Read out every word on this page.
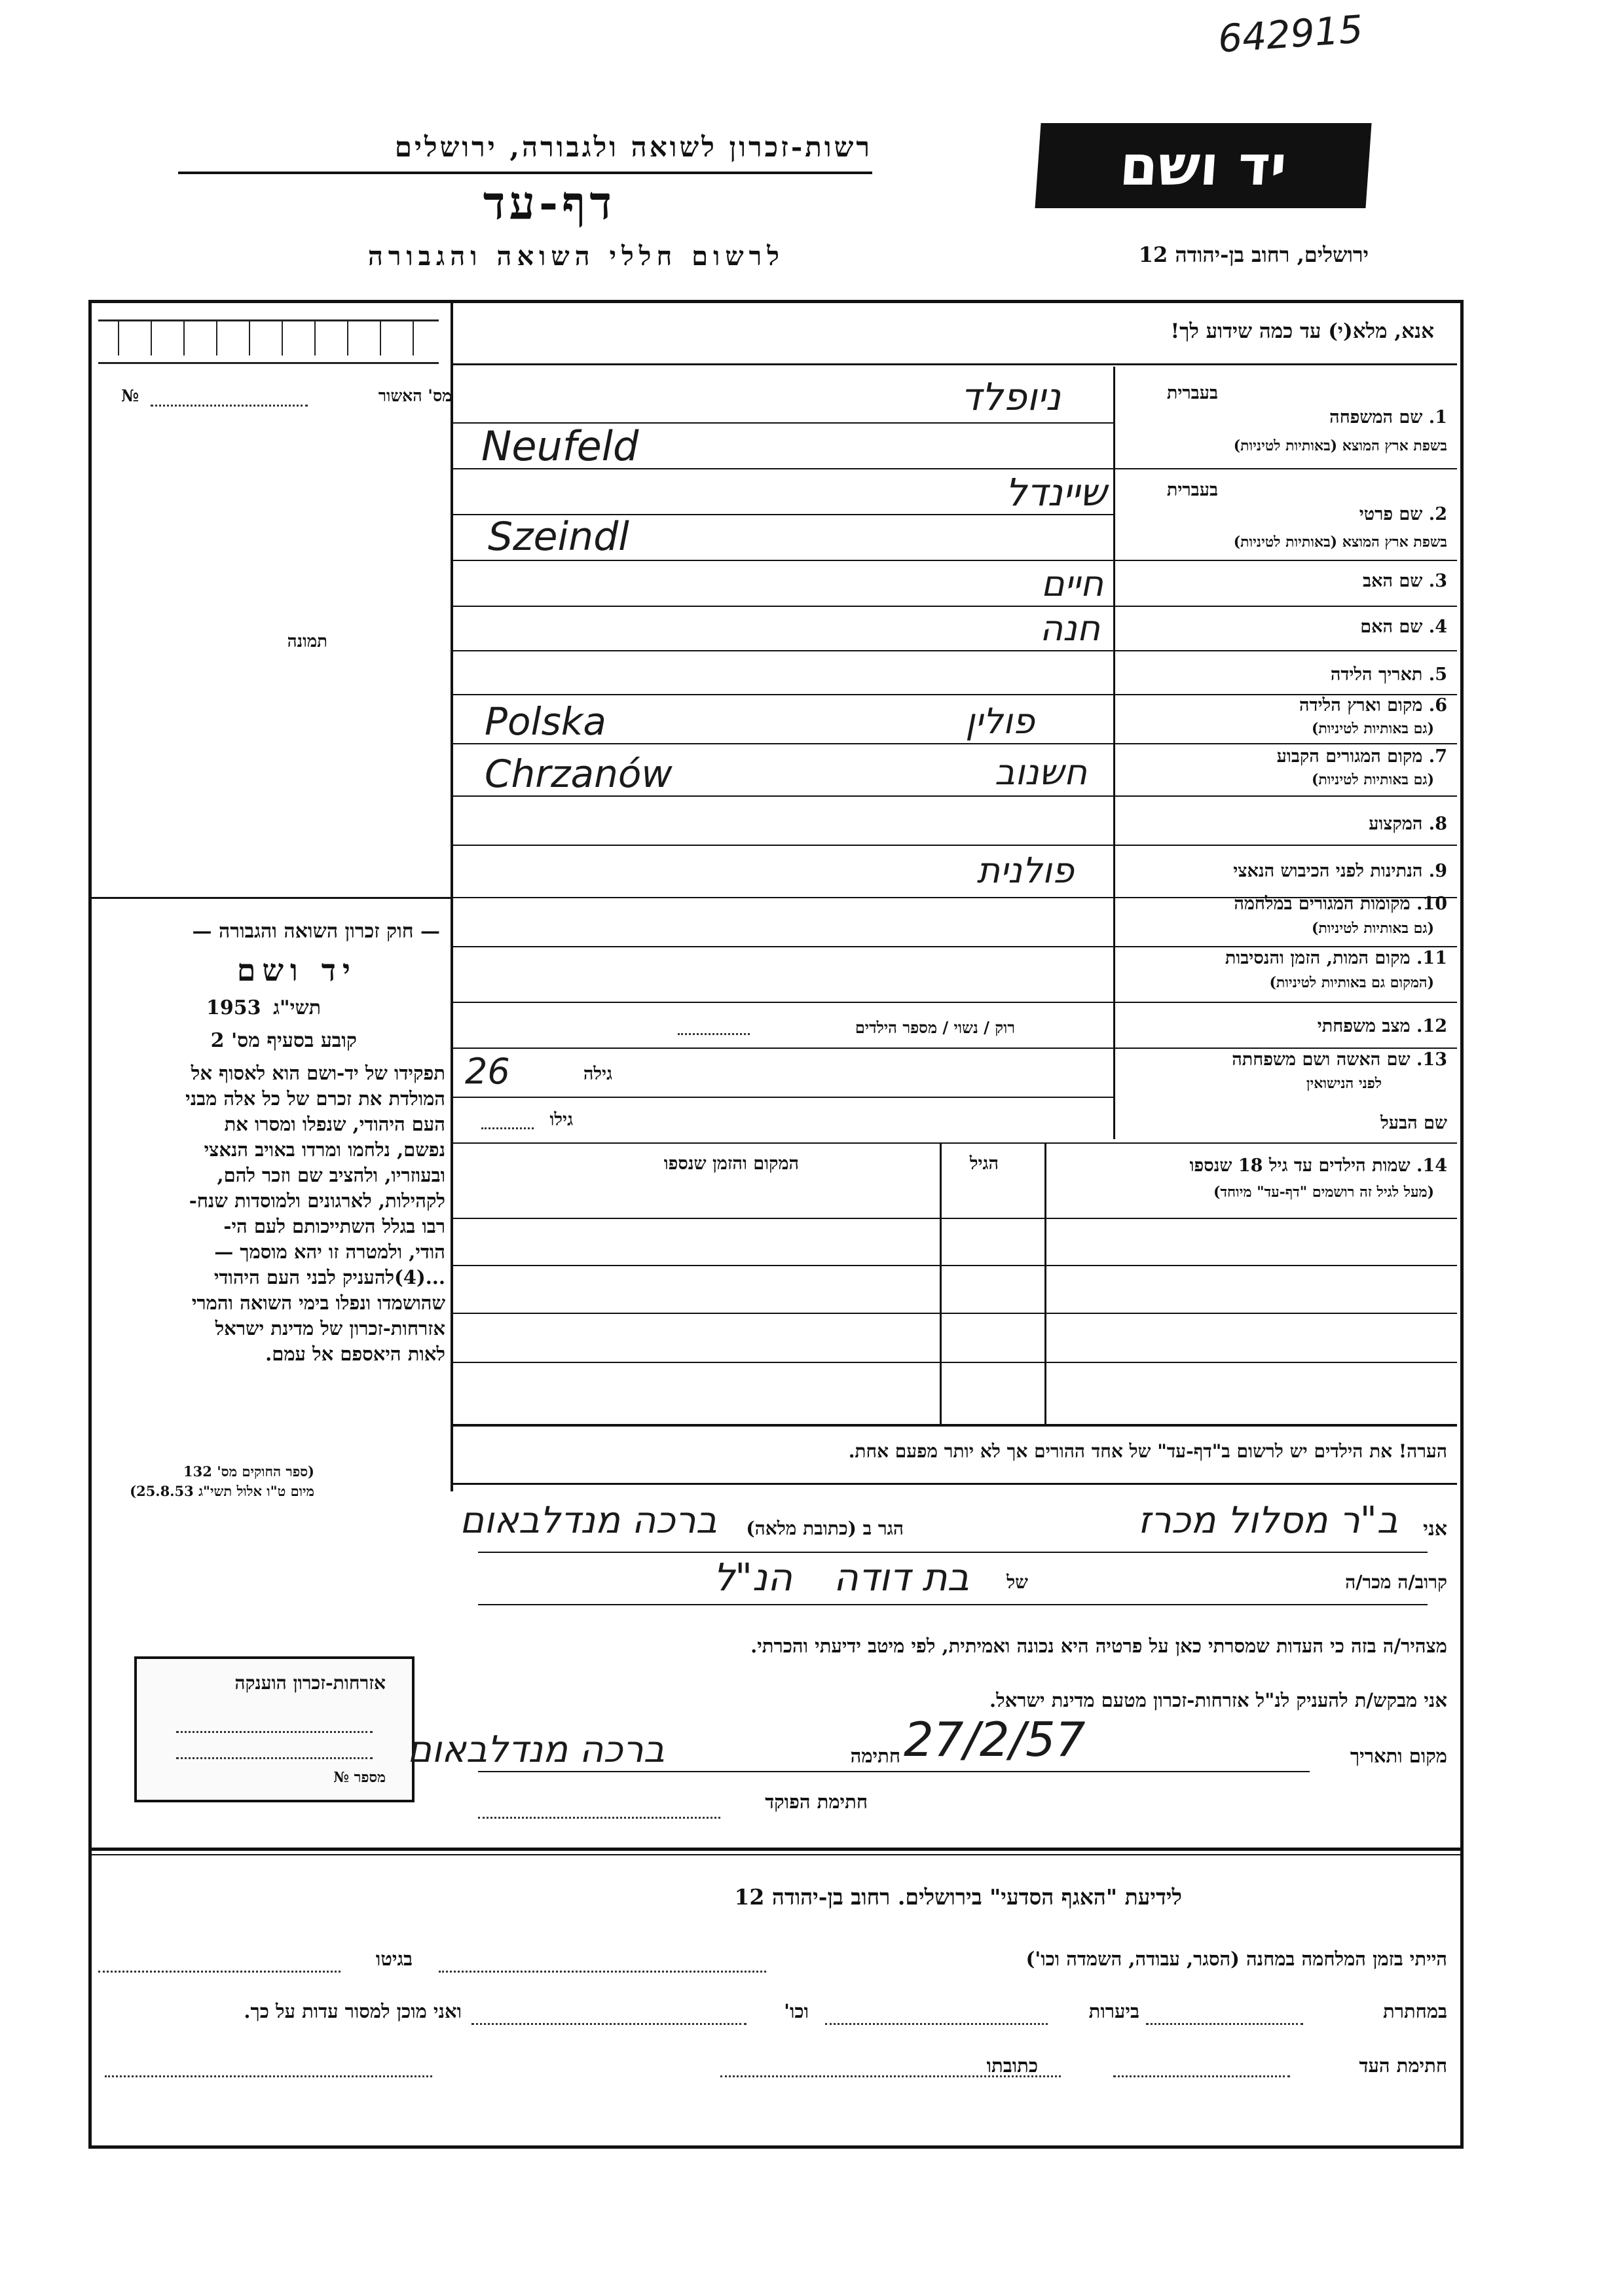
642915
יד ושם
ירושלים, רחוב בן-יהודה 12
רשות-זכרון לשואה ולגבורה, ירושלים
דף-עד
לרשום חללי השואה והגבורה
אנא, מלא(י) עד כמה שידוע לך!
מס' האשור
№
תמונה
— חוק זכרון השואה והגבורה —
יד ושם
1953 תשי"ג
קובע בסעיף מס' 2
תפקידו של יד-ושם הוא לאסוף אל
המולדת את זכרם של כל אלה מבני
העם היהודי, שנפלו ומסרו את
נפשם, נלחמו ומרדו באויב הנאצי
ובעוזריו, ולהציב שם וזכר להם,
לקהילות, לארגונים ולמוסדות שנח-
רבו בגלל השתייכותם לעם הי-
הודי, ולמטרה זו יהא מוסמך —
...(4)להעניק לבני העם היהודי
שהושמדו ונפלו בימי השואה והמרי
אזרחות-זכרון של מדינת ישראל
לאות היאספם אל עמם.
(ספר החוקים מס' 132
מיום ט"ו אלול תשי"ג 25.8.53)
בעברית
1. שם המשפחה
בשפת ארץ המוצא (באותיות לטיניות)
ניופלד
Neufeld
בעברית
2. שם פרטי
בשפת ארץ המוצא (באותיות לטיניות)
שיינדל
Szeindl
3. שם האב
חיים
4. שם האם
חנה
5. תאריך הלידה
6. מקום וארץ הלידה
(גם באותיות לטיניות)
פולין
Polska
7. מקום המגורים הקבוע
(גם באותיות לטיניות)
חשנוב
Chrzanów
8. המקצוע
9. הנתינות לפני הכיבוש הנאצי
פולנית
10. מקומות המגורים במלחמה
(גם באותיות לטיניות)
11. מקום המות, הזמן והנסיבות
(המקום גם באותיות לטיניות)
12. מצב משפחתי
רוק / נשוי / מספר הילדים
13. שם האשה ושם משפחתה
לפני הנישואין
גילה
26
שם הבעל
גילו
14. שמות הילדים עד גיל 18 שנספו
(מעל לגיל זה רושמים "דף-עד" מיוחד)
הגיל
המקום והזמן שנספו
הערה! את הילדים יש לרשום ב"דף-עד" של אחד ההורים אך לא יותר מפעם אחת.
אני
הגר ב (כתובת מלאה)
ברכה מנדלבאום	ב"ר מסלול מכרז
קרוב/ה מכר/ה
של
בת דודה
הנ"ל
מצהיר/ה בזה כי העדות שמסרתי כאן על פרטיה היא נכונה ואמיתית, לפי מיטב ידיעתי והכרתי.
אני מבקש/ת להעניק לנ"ל אזרחות-זכרון מטעם מדינת ישראל.
אזרחות-זכרון הוענקה
מספר №
מקום ותאריך
27/2/57
חתימה
ברכה מנדלבאום
חתימת הפוקד
לידיעת "האגף הסדעי" בירושלים. רחוב בן-יהודה 12
הייתי בזמן המלחמה במחנה (הסגר, עבודה, השמדה וכו')
בגיטו
במחתרת
ביערות
וכו'
ואני מוכן למסור עדות על כך.
חתימת העד
כתובתו
